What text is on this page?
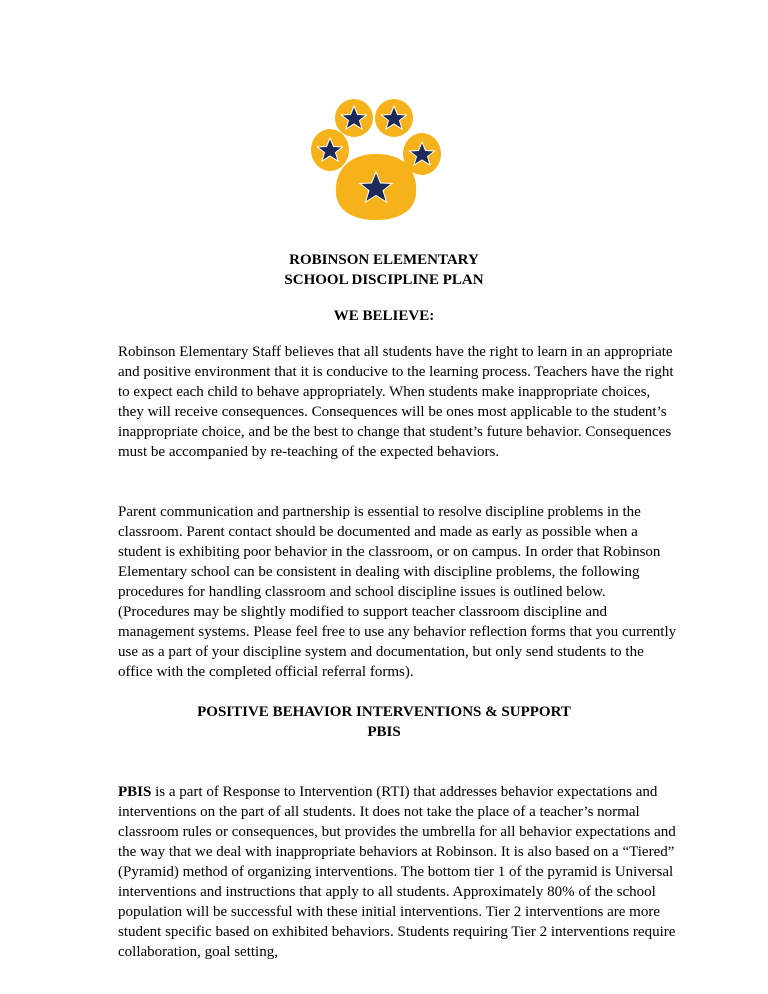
ROBINSON ELEMENTARY
SCHOOL DISCIPLINE PLAN
WE BELIEVE:

Robinson Elementary Staff believes that all students have the right to learn in an appropriate and positive environment that it is conducive to the learning process. Teachers have the right to expect each child to behave appropriately. When students make inappropriate choices, they will receive consequences. Consequences will be ones most applicable to the student’s inappropriate choice, and be the best to change that student’s future behavior. Consequences must be accompanied by re-teaching of the expected behaviors.

Parent communication and partnership is essential to resolve discipline problems in the classroom. Parent contact should be documented and made as early as possible when a student is exhibiting poor behavior in the classroom, or on campus. In order that Robinson Elementary school can be consistent in dealing with discipline problems, the following procedures for handling classroom and school discipline issues is outlined below. (Procedures may be slightly modified to support teacher classroom discipline and management systems. Please feel free to use any behavior reflection forms that you currently use as a part of your discipline system and documentation, but only send students to the office with the completed official referral forms).

POSITIVE BEHAVIOR INTERVENTIONS & SUPPORT
PBIS

PBIS is a part of Response to Intervention (RTI) that addresses behavior expectations and interventions on the part of all students. It does not take the place of a teacher’s normal classroom rules or consequences, but provides the umbrella for all behavior expectations and the way that we deal with inappropriate behaviors at Robinson. It is also based on a “Tiered” (Pyramid) method of organizing interventions. The bottom tier 1 of the pyramid is Universal interventions and instructions that apply to all students. Approximately 80% of the school population will be successful with these initial interventions. Tier 2 interventions are more student specific based on exhibited behaviors. Students requiring Tier 2 interventions require collaboration, goal setting,
